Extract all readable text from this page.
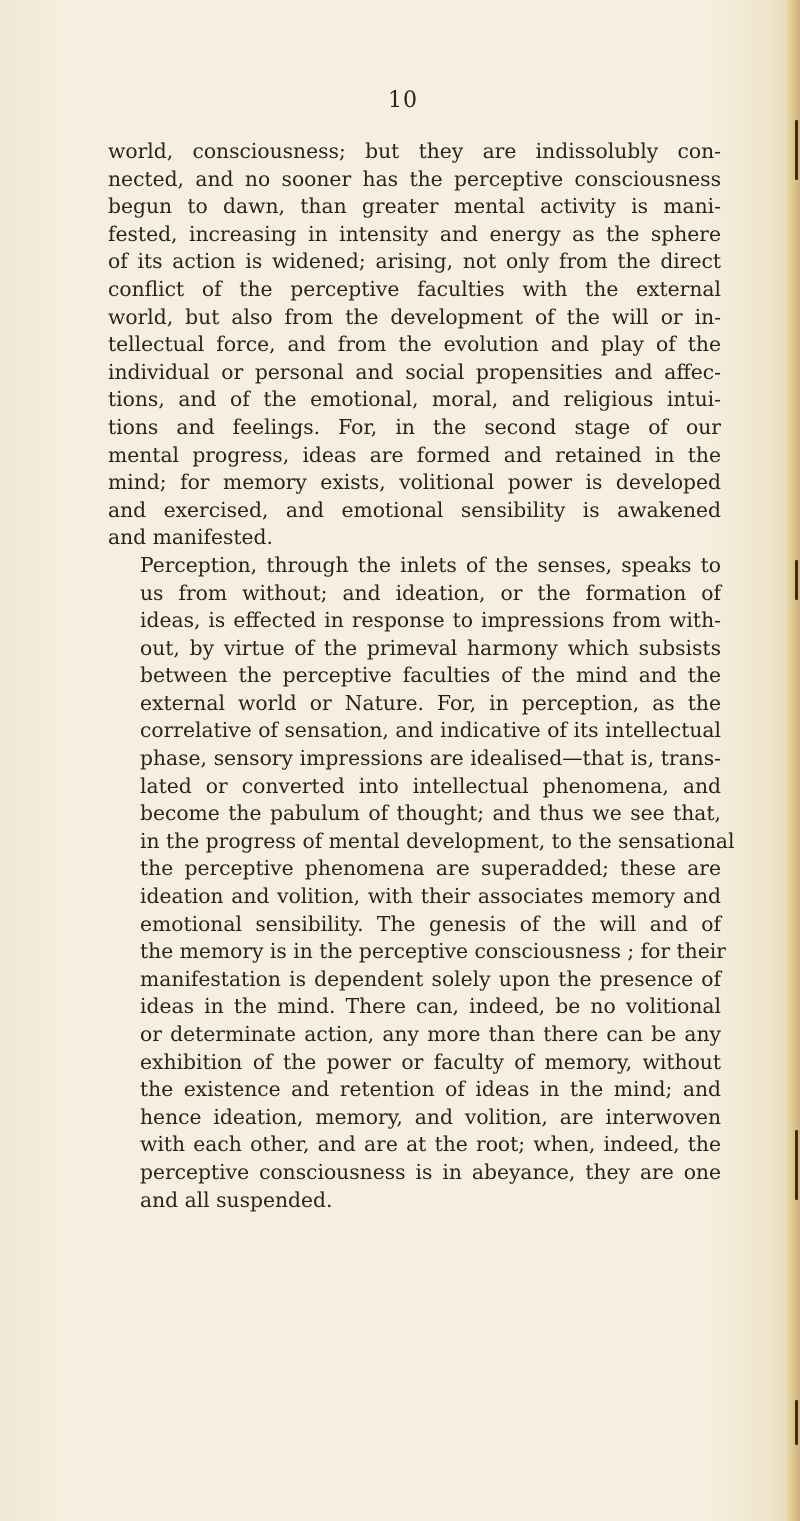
10

world, consciousness; but they are indissolubly con-
nected, and no sooner has the perceptive consciousness
begun to dawn, than greater mental activity is mani-
fested, increasing in intensity and energy as the sphere
of its action is widened; arising, not only from the direct
conflict of the perceptive faculties with the external
world, but also from the development of the will or in-
tellectual force, and from the evolution and play of the
individual or personal and social propensities and affec-
tions, and of the emotional, moral, and religious intui-
tions and feelings. For, in the second stage of our
mental progress, ideas are formed and retained in the
mind; for memory exists, volitional power is developed
and exercised, and emotional sensibility is awakened
and manifested.

Perception, through the inlets of the senses, speaks to
us from without; and ideation, or the formation of
ideas, is effected in response to impressions from with-
out, by virtue of the primeval harmony which subsists
between the perceptive faculties of the mind and the
external world or Nature. For, in perception, as the
correlative of sensation, and indicative of its intellectual
phase, sensory impressions are idealised—that is, trans-
lated or converted into intellectual phenomena, and
become the pabulum of thought; and thus we see that,
in the progress of mental development, to the sensational
the perceptive phenomena are superadded; these are
ideation and volition, with their associates memory and
emotional sensibility. The genesis of the will and of
the memory is in the perceptive consciousness ; for their
manifestation is dependent solely upon the presence of
ideas in the mind. There can, indeed, be no volitional
or determinate action, any more than there can be any
exhibition of the power or faculty of memory, without
the existence and retention of ideas in the mind; and
hence ideation, memory, and volition, are interwoven
with each other, and are at the root; when, indeed, the
perceptive consciousness is in abeyance, they are one
and all suspended.
